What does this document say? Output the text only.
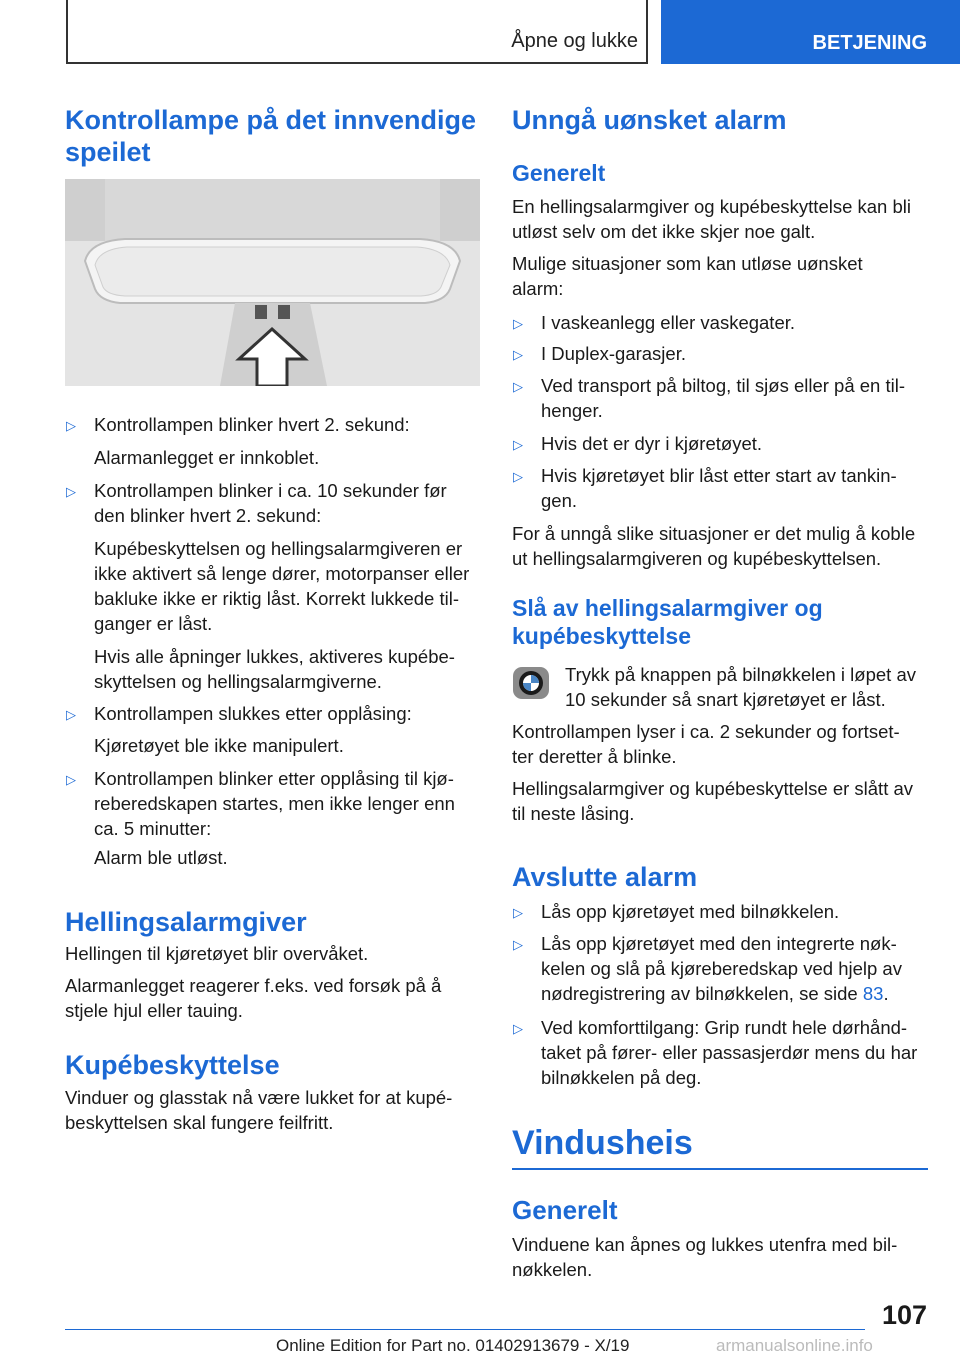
Åpne og lukke	BETJENING
Kontrollampe på det innvendige
speilet
▷ Kontrollampen blinker hvert 2. sekund:
Alarmanlegget er innkoblet.
▷ Kontrollampen blinker i ca. 10 sekunder før
den blinker hvert 2. sekund:
Kupébeskyttelsen og hellingsalarmgiveren er
ikke aktivert så lenge dører, motorpanser eller
bakluke ikke er riktig låst. Korrekt lukkede til‐
ganger er låst.
Hvis alle åpninger lukkes, aktiveres kupébe‐
skyttelsen og hellingsalarmgiverne.
▷ Kontrollampen slukkes etter opplåsing:
Kjøretøyet ble ikke manipulert.
▷ Kontrollampen blinker etter opplåsing til kjø‐
reberedskapen startes, men ikke lenger enn
ca. 5 minutter:
Alarm ble utløst.
Hellingsalarmgiver
Hellingen til kjøretøyet blir overvåket.
Alarmanlegget reagerer f.eks. ved forsøk på å
stjele hjul eller tauing.
Kupébeskyttelse
Vinduer og glasstak nå være lukket for at kupé‐
beskyttelsen skal fungere feilfritt.
Unngå uønsket alarm
Generelt
En hellingsalarmgiver og kupébeskyttelse kan bli
utløst selv om det ikke skjer noe galt.
Mulige situasjoner som kan utløse uønsket
alarm:
▷ I vaskeanlegg eller vaskegater.
▷ I Duplex-garasjer.
▷ Ved transport på biltog, til sjøs eller på en til‐
henger.
▷ Hvis det er dyr i kjøretøyet.
▷ Hvis kjøretøyet blir låst etter start av tankin‐
gen.
For å unngå slike situasjoner er det mulig å koble
ut hellingsalarmgiveren og kupébeskyttelsen.
Slå av hellingsalarmgiver og
kupébeskyttelse
Trykk på knappen på bilnøkkelen i løpet av
10 sekunder så snart kjøretøyet er låst.
Kontrollampen lyser i ca. 2 sekunder og fortset‐
ter deretter å blinke.
Hellingsalarmgiver og kupébeskyttelse er slått av
til neste låsing.
Avslutte alarm
▷ Lås opp kjøretøyet med bilnøkkelen.
▷ Lås opp kjøretøyet med den integrerte nøk‐
kelen og slå på kjøreberedskap ved hjelp av
nødregistrering av bilnøkkelen, se side 83.
▷ Ved komforttilgang: Grip rundt hele dørhånd‐
taket på fører- eller passasjerdør mens du har
bilnøkkelen på deg.
Vindusheis
Generelt
Vinduene kan åpnes og lukkes utenfra med bil‐
nøkkelen.
107
Online Edition for Part no. 01402913679 - X/19	armanualsonline.info
